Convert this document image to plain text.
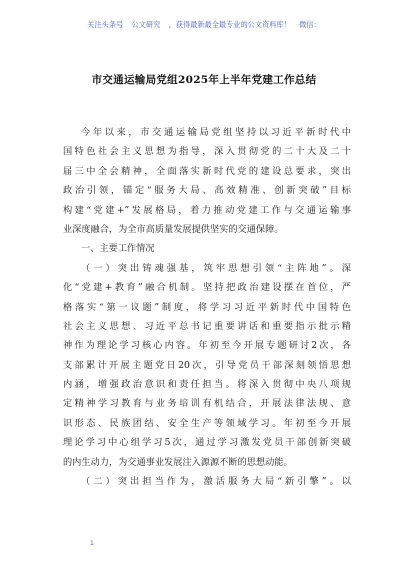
关注头条号 公文研究 ，获得最新最全最专业的公文资料库！ 微信：
市交通运输局党组2025年上半年党建工作总结
今年以来，市交通运输局党组坚持以习近平新时代中
国特色社会主义思想为指导，深入贯彻党的二十大及二十
届三中全会精神，全面落实新时代党的建设总要求，突出
政治引领，锚定“服务大局、高效精准、创新突破”目标
构建“党建+”发展格局，着力推动党建工作与交通运输事
业深度融合，为全市高质量发展提供坚实的交通保障。
一、主要工作情况
（一）突出铸魂强基，筑牢思想引领“主阵地”。深
化“党建+教育”融合机制。坚持把政治建设摆在首位，严
格落实“第一议题”制度，将学习习近平新时代中国特色
社会主义思想、习近平总书记重要讲话和重要指示批示精
神作为理论学习核心内容。年初至今开展专题研讨2次，各
支部累计开展主题党日20次，引导党员干部深刻领悟思想
内涵，增强政治意识和责任担当。将深入贯彻中央八项规
定精神学习教育与业务培训有机结合，开展法律法规、意
识形态、民族团结、安全生产等领域学习。年初至今开展
理论学习中心组学习5次，通过学习激发党员干部创新突破
的内生动力，为交通事业发展注入源源不断的思想动能。
（二）突出担当作为，激活服务大局“新引擎”。以
1
